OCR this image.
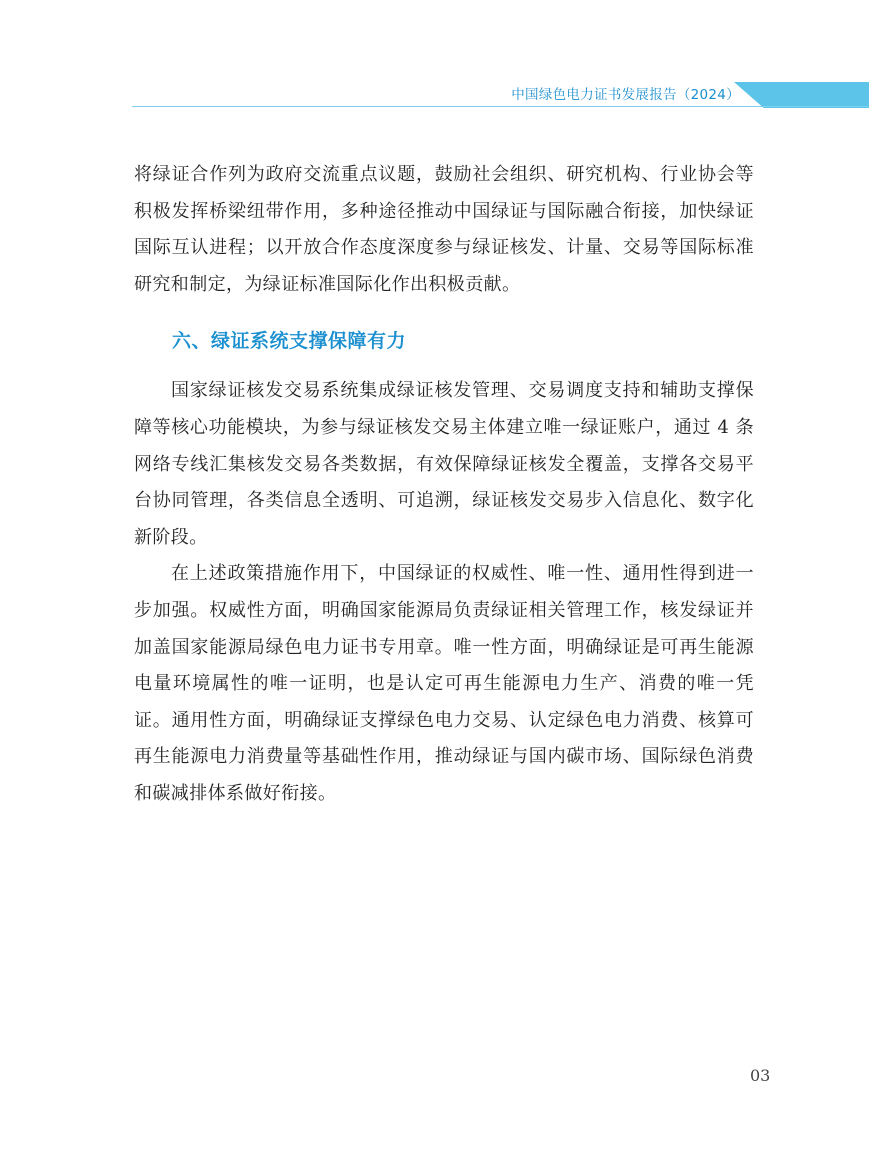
中国绿色电力证书发展报告（2024）

将绿证合作列为政府交流重点议题，鼓励社会组织、研究机构、行业协会等积极发挥桥梁纽带作用，多种途径推动中国绿证与国际融合衔接，加快绿证国际互认进程；以开放合作态度深度参与绿证核发、计量、交易等国际标准研究和制定，为绿证标准国际化作出积极贡献。

六、绿证系统支撑保障有力

国家绿证核发交易系统集成绿证核发管理、交易调度支持和辅助支撑保障等核心功能模块，为参与绿证核发交易主体建立唯一绿证账户，通过 4 条网络专线汇集核发交易各类数据，有效保障绿证核发全覆盖，支撑各交易平台协同管理，各类信息全透明、可追溯，绿证核发交易步入信息化、数字化新阶段。

在上述政策措施作用下，中国绿证的权威性、唯一性、通用性得到进一步加强。权威性方面，明确国家能源局负责绿证相关管理工作，核发绿证并加盖国家能源局绿色电力证书专用章。唯一性方面，明确绿证是可再生能源电量环境属性的唯一证明，也是认定可再生能源电力生产、消费的唯一凭证。通用性方面，明确绿证支撑绿色电力交易、认定绿色电力消费、核算可再生能源电力消费量等基础性作用，推动绿证与国内碳市场、国际绿色消费和碳减排体系做好衔接。

03
